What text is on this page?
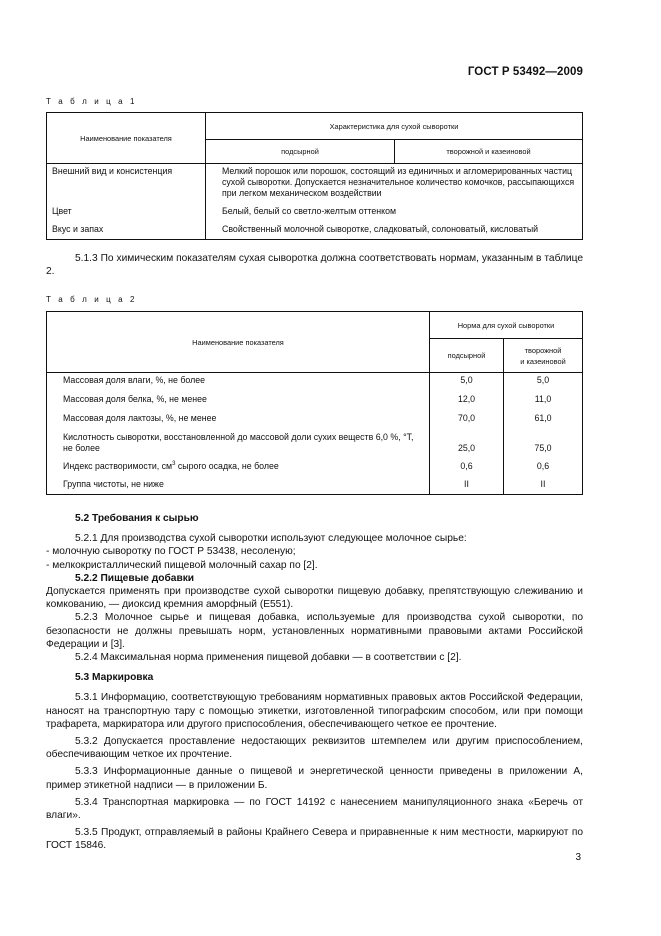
ГОСТ Р 53492—2009
Т а б л и ц а 1
Наименование показателя	Характеристика для сухой сыворотки	
	подсырной	творожной и казеиновой
Внешний вид и консистенция	Мелкий порошок или порошок, состоящий из единичных и агломерированных частиц сухой сыворотки. Допускается незначительное количество комочков, рассыпающихся при легком механическом воздействии	
Цвет	Белый, белый со светло-желтым оттенком	
Вкус и запах	Свойственный молочной сыворотке, сладковатый, солоноватый, кисловатый	

5.1.3 По химическим показателям сухая сыворотка должна соответствовать нормам, указанным в таблице 2.

Т а б л и ц а 2
Наименование показателя	Норма для сухой сыворотки	
	подсырной	творожной
и казеиновой
Массовая доля влаги, %, не более	5,0	5,0
Массовая доля белка, %, не менее	12,0	11,0
Массовая доля лактозы, %, не менее	70,0	61,0
Кислотность сыворотки, восстановленной до массовой доли сухих веществ 6,0 %, °Т, не более	25,0	75,0
Индекс растворимости, $см^3$ сырого осадка, не более	0,6	0,6
Группа чистоты, не ниже	II	II

5.2 Требования к сырью

5.2.1 Для производства сухой сыворотки используют следующее молочное сырье:

- молочную сыворотку по ГОСТ Р 53438, несоленую;

- мелкокристаллический пищевой молочный сахар по [2].

5.2.2 Пищевые добавки

Допускается применять при производстве сухой сыворотки пищевую добавку, препятствующую слеживанию и комкованию, — диоксид кремния аморфный (Е551).

5.2.3 Молочное сырье и пищевая добавка, используемые для производства сухой сыворотки, по безопасности не должны превышать норм, установленных нормативными правовыми актами Российской Федерации и [3].

5.2.4 Максимальная норма применения пищевой добавки — в соответствии с [2].

5.3 Маркировка

5.3.1 Информацию, соответствующую требованиям нормативных правовых актов Российской Федерации, наносят на транспортную тару с помощью этикетки, изготовленной типографским способом, или при помощи трафарета, маркиратора или другого приспособления, обеспечивающего четкое ее прочтение.

5.3.2 Допускается проставление недостающих реквизитов штемпелем или другим приспособлением, обеспечивающим четкое их прочтение.

5.3.3 Информационные данные о пищевой и энергетической ценности приведены в приложении А, пример этикетной надписи — в приложении Б.

5.3.4 Транспортная маркировка — по ГОСТ 14192 с нанесением манипуляционного знака «Беречь от влаги».

5.3.5 Продукт, отправляемый в районы Крайнего Севера и приравненные к ним местности, маркируют по ГОСТ 15846.

3
